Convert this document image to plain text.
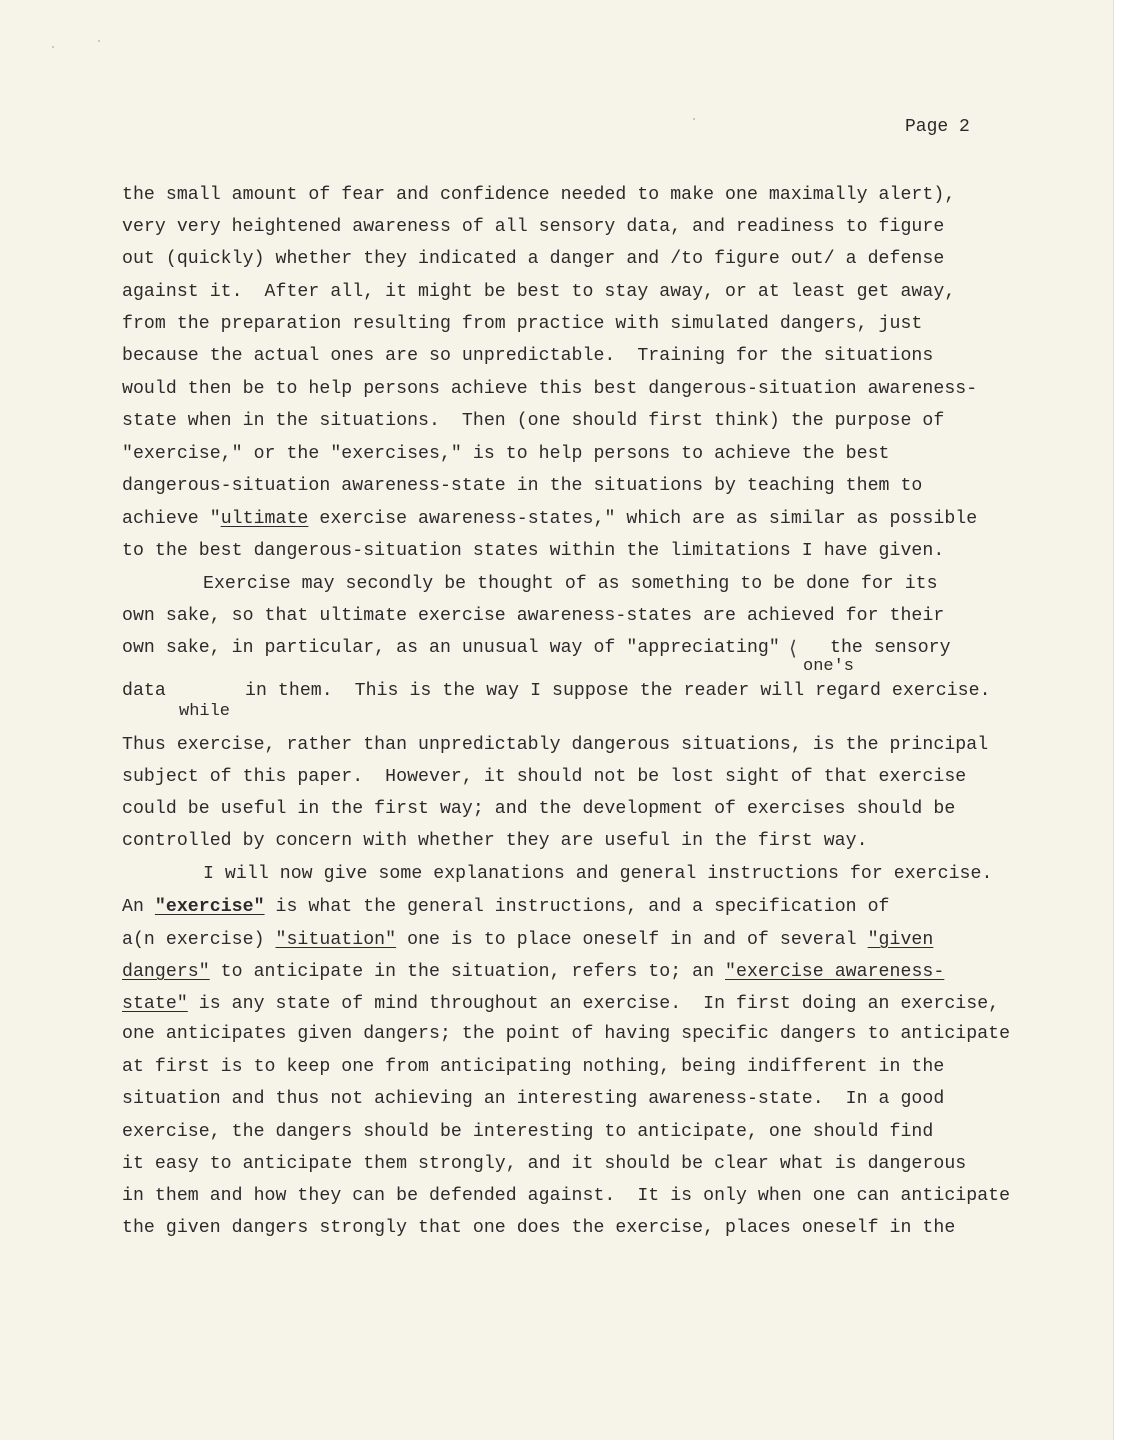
Page 2
the small amount of fear and confidence needed to make one maximally alert),
very very heightened awareness of all sensory data, and readiness to figure
out (quickly) whether they indicated a danger and /to figure out/ a defense
against it.  After all, it might be best to stay away, or at least get away,
from the preparation resulting from practice with simulated dangers, just
because the actual ones are so unpredictable.  Training for the situations
would then be to help persons achieve this best dangerous-situation awareness-
state when in the situations.  Then (one should first think) the purpose of
"exercise," or the "exercises," is to help persons to achieve the best
dangerous-situation awareness-state in the situations by teaching them to
achieve "ultimate exercise awareness-states," which are as similar as possible
to the best dangerous-situation states within the limitations I have given.
Exercise may secondly be thought of as something to be done for its
own sake, so that ultimate exercise awareness-states are achieved for their
own sake, in particular, as an unusual way of "appreciating" ⟨ the sensory
one's
data	in them.  This is the way I suppose the reader will regard exercise.
while
Thus exercise, rather than unpredictably dangerous situations, is the principal
subject of this paper.  However, it should not be lost sight of that exercise
could be useful in the first way; and the development of exercises should be
controlled by concern with whether they are useful in the first way.
I will now give some explanations and general instructions for exercise.
An "exercise" is what the general instructions, and a specification of
a(n exercise) "situation" one is to place oneself in and of several "given
dangers" to anticipate in the situation, refers to; an "exercise awareness-
state" is any state of mind throughout an exercise.  In first doing an exercise,
one anticipates given dangers; the point of having specific dangers to anticipate
at first is to keep one from anticipating nothing, being indifferent in the
situation and thus not achieving an interesting awareness-state.  In a good
exercise, the dangers should be interesting to anticipate, one should find
it easy to anticipate them strongly, and it should be clear what is dangerous
in them and how they can be defended against.  It is only when one can anticipate
the given dangers strongly that one does the exercise, places oneself in the
